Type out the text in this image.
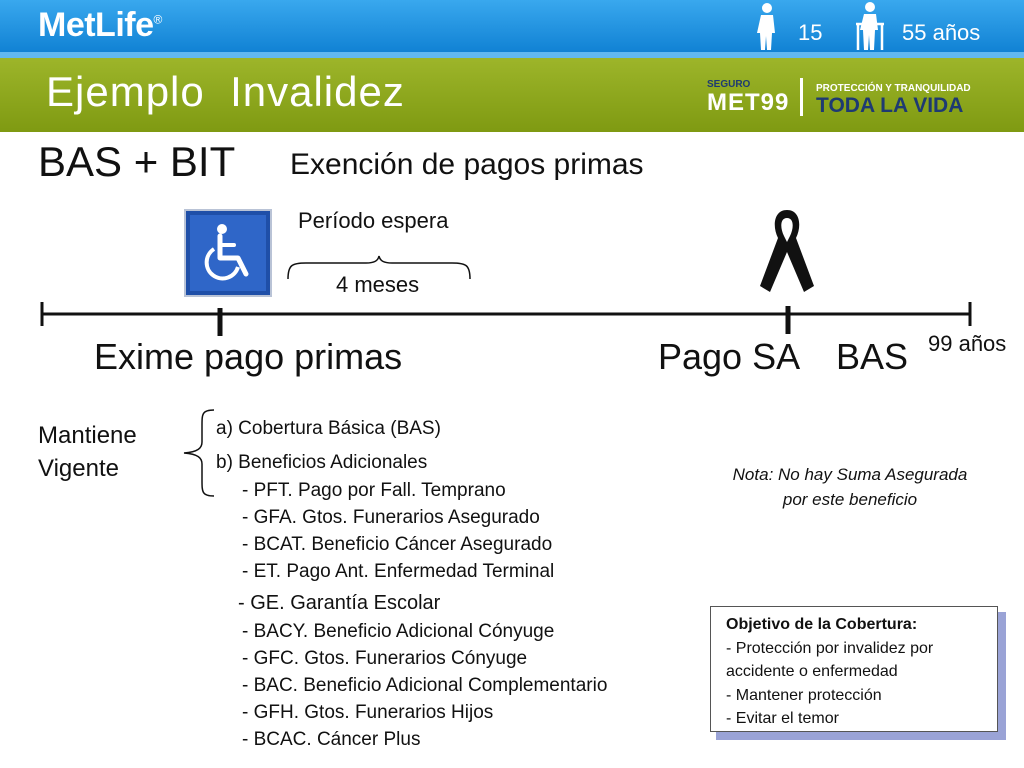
MetLife®
15	55 años
Ejemplo  Invalidez	SEGURO
MET99
PROTECCIÓN Y TRANQUILIDAD
TODA LA VIDA
BAS + BIT Exención de pagos primas
Período espera
4 meses
Exime pago primas	Pago SA BAS 99 años
Mantiene
Vigente
a) Cobertura Básica (BAS)
b) Beneficios Adicionales
- PFT. Pago por Fall. Temprano
- GFA. Gtos. Funerarios Asegurado
- BCAT. Beneficio Cáncer Asegurado
- ET. Pago Ant. Enfermedad Terminal
- GE. Garantía Escolar
- BACY. Beneficio Adicional Cónyuge
- GFC. Gtos. Funerarios Cónyuge
- BAC. Beneficio Adicional Complementario
- GFH. Gtos. Funerarios Hijos
- BCAC. Cáncer Plus
Nota: No hay Suma Asegurada
por este beneficio
Objetivo de la Cobertura:
- Protección por invalidez por
accidente o enfermedad
- Mantener protección
- Evitar el temor
